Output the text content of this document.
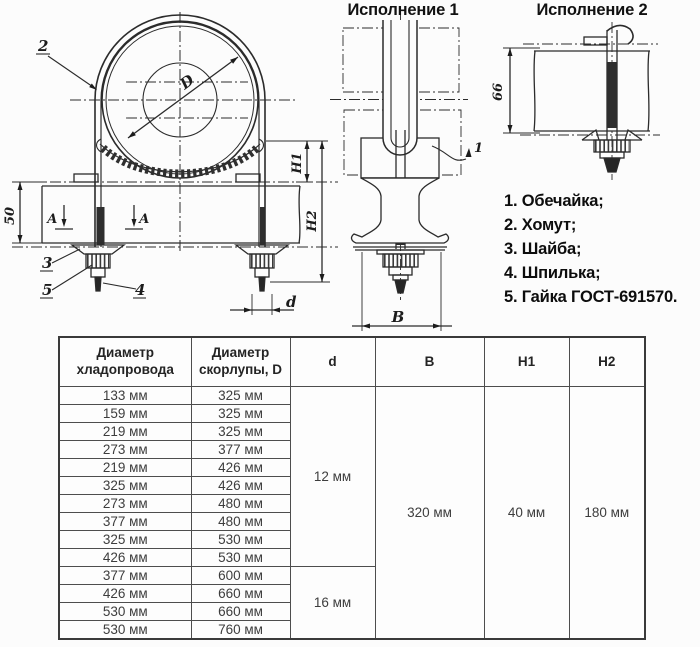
D
2
3
5	4
50 А	А
Н1
Н2
d
В
1
66
Исполнение 1	Исполнение 2
1. Обечайка;
2. Хомут;
3. Шайба;
4. Шпилька;
5. Гайка ГОСТ-691570.
Диаметр хладопровода	Диаметр скорлупы, D	d	B	H1	H2
133 мм	325 мм	12 мм	320 мм	40 мм	180 мм
159 мм	325 мм				
219 мм	325 мм				
273 мм	377 мм				
219 мм	426 мм				
325 мм	426 мм				
273 мм	480 мм				
377 мм	480 мм				
325 мм	530 мм				
426 мм	530 мм				
377 мм	600 мм	16 мм			
426 мм	660 мм				
530 мм	660 мм				
530 мм	760 мм				
